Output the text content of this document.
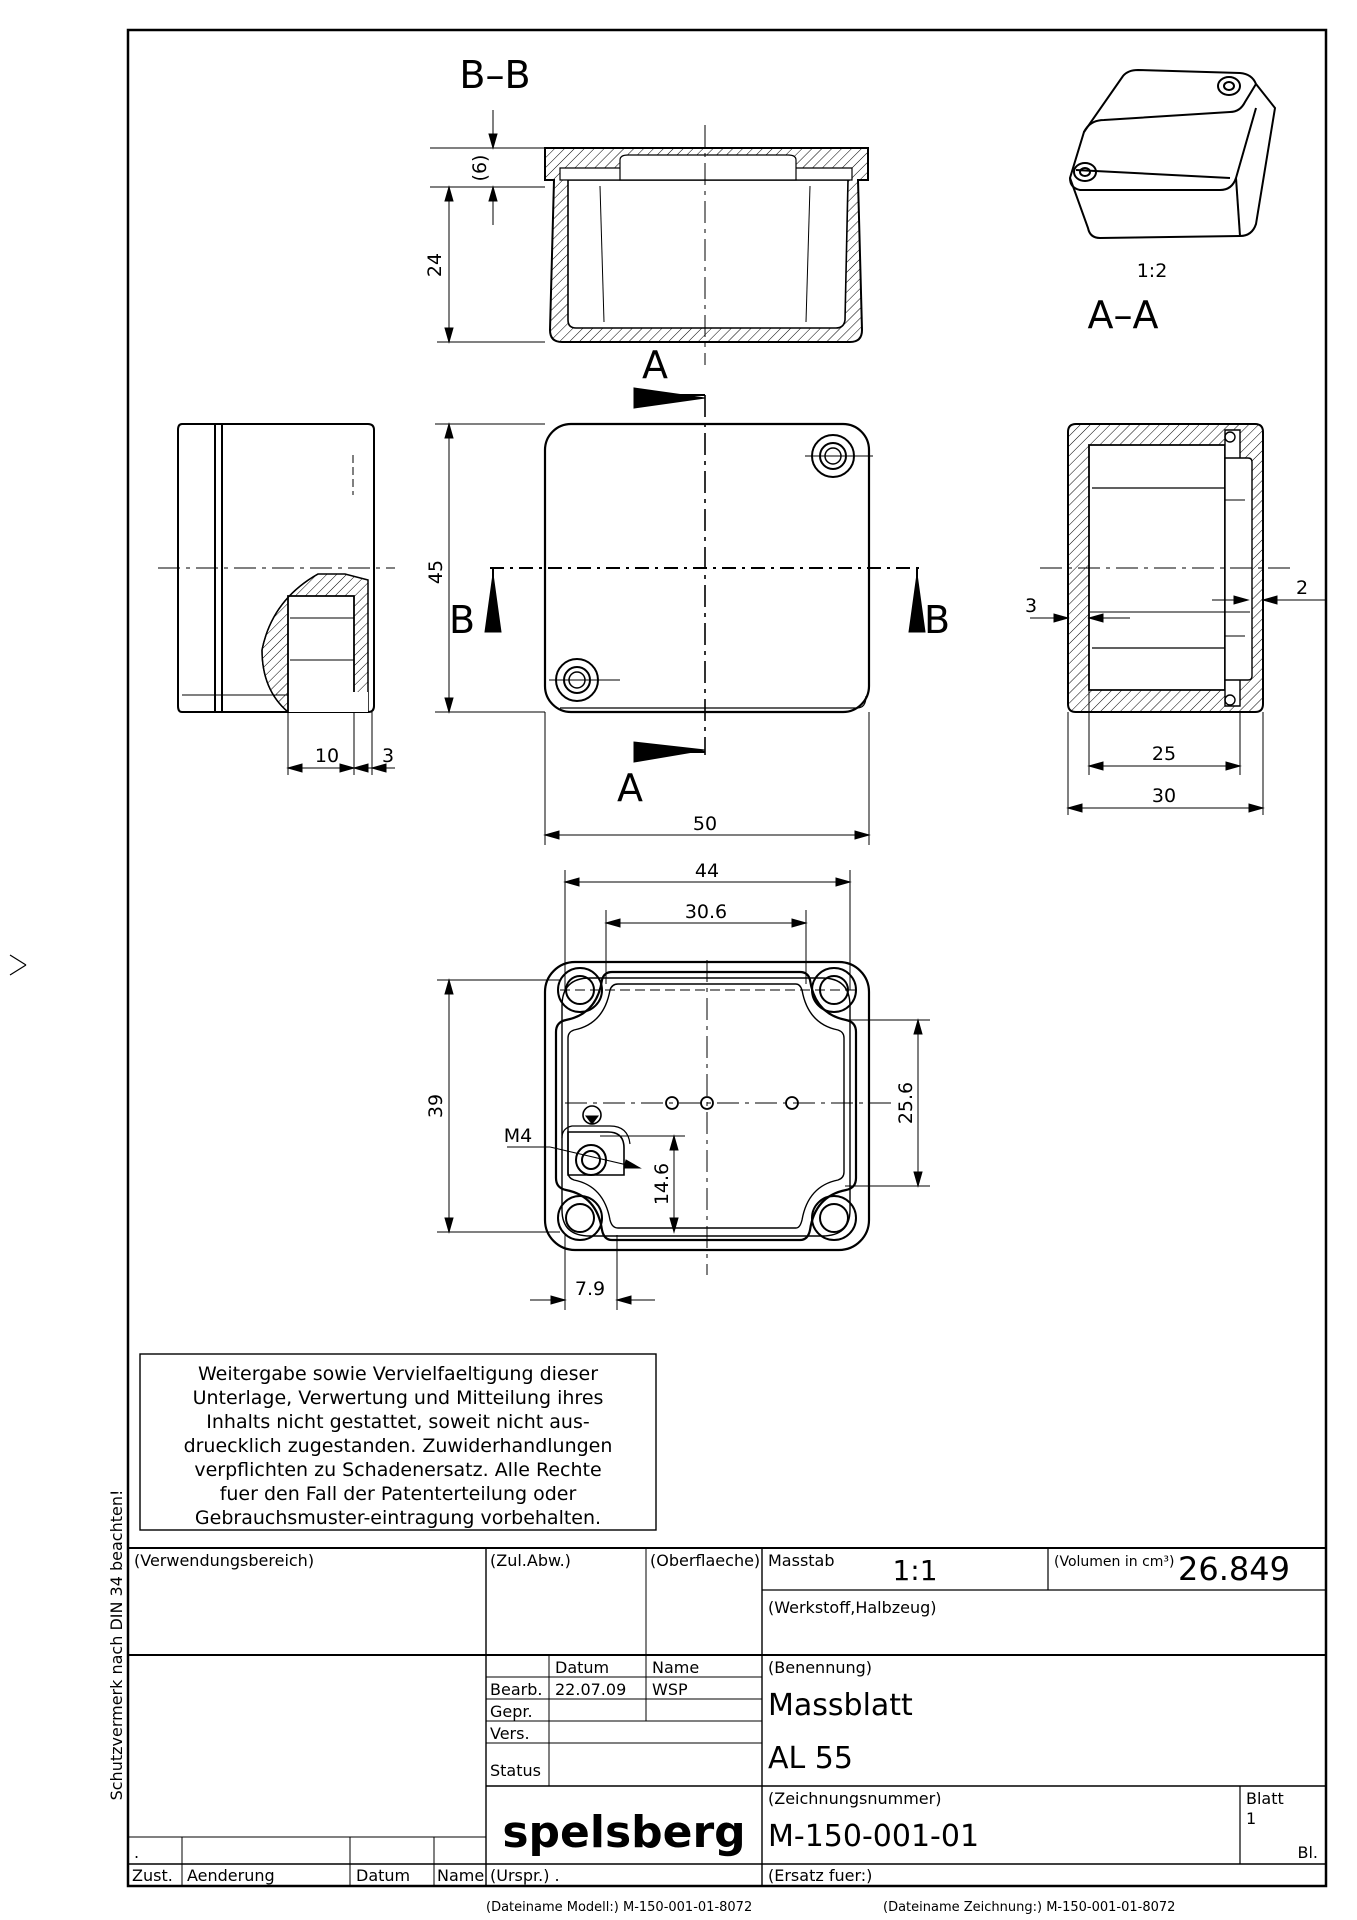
B–B
(6)
24	1:2
A–A
A
A
B	B
45
50
10 3
3
2
25
30
44
30.6
39	25.6
M4
14.6
7.9
Weitergabe sowie Vervielfaeltigung dieser
Unterlage, Verwertung und Mitteilung ihres
Inhalts nicht gestattet, soweit nicht aus-
druecklich zugestanden. Zuwiderhandlungen
verpflichten zu Schadenersatz. Alle Rechte
fuer den Fall der Patenterteilung oder
Gebrauchsmuster-eintragung vorbehalten.
Schutzvermerk nach DIN 34 beachten! (Verwendungsbereich)	(Zul.Abw.)	(Oberflaeche) Masstab 1:1	(Volumen in cm³) 26.849
(Werkstoff,Halbzeug)
Datum	Name
Bearb. 22.07.09 WSP
Gepr.
Vers.
Status
(Benennung)
Massblatt
AL 55
spelsberg
(Zeichnungsnummer)
M-150-001-01
Blatt
1
Bl.
.
Zust. Aenderung	Datum Name (Urspr.) .	(Ersatz fuer:)
(Dateiname Modell:) M-150-001-01-8072	(Dateiname Zeichnung:) M-150-001-01-8072
